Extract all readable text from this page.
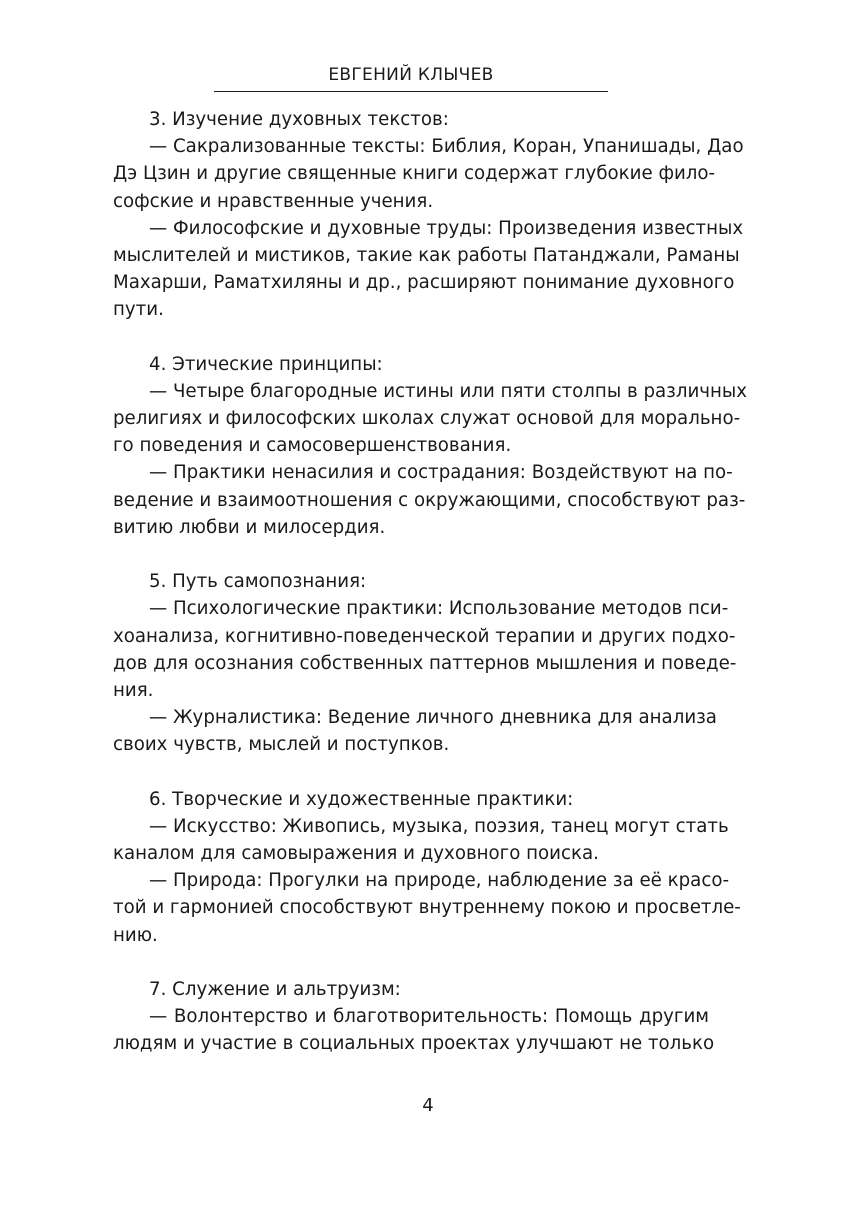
ЕВГЕНИЙ КЛЫЧЕВ
3. Изучение духовных текстов:
— Сакрализованные тексты: Библия, Коран, Упанишады, Дао
Дэ Цзин и другие священные книги содержат глубокие фило-
софские и нравственные учения.
— Философские и духовные труды: Произведения известных
мыслителей и мистиков, такие как работы Патанджали, Раманы
Махарши, Раматхиляны и др., расширяют понимание духовного
пути.
4. Этические принципы:
— Четыре благородные истины или пяти столпы в различных
религиях и философских школах служат основой для морально-
го поведения и самосовершенствования.
— Практики ненасилия и сострадания: Воздействуют на по-
ведение и взаимоотношения с окружающими, способствуют раз-
витию любви и милосердия.
5. Путь самопознания:
— Психологические практики: Использование методов пси-
хоанализа, когнитивно-поведенческой терапии и других подхо-
дов для осознания собственных паттернов мышления и поведе-
ния.
— Журналистика: Ведение личного дневника для анализа
своих чувств, мыслей и поступков.
6. Творческие и художественные практики:
— Искусство: Живопись, музыка, поэзия, танец могут стать
каналом для самовыражения и духовного поиска.
— Природа: Прогулки на природе, наблюдение за её красо-
той и гармонией способствуют внутреннему покою и просветле-
нию.
7. Служение и альтруизм:
— Волонтерство и благотворительность: Помощь другим
людям и участие в социальных проектах улучшают не только
4
